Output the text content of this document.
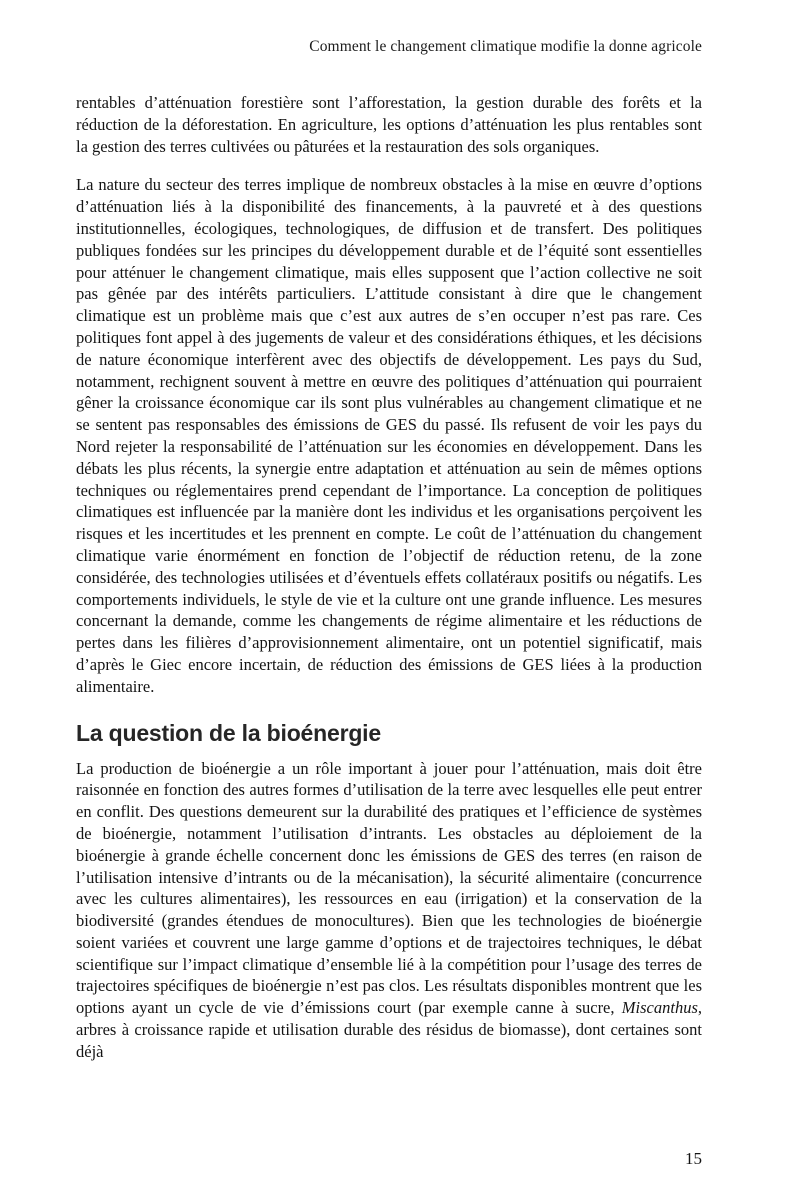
Comment le changement climatique modifie la donne agricole

rentables d’atténuation forestière sont l’afforestation, la gestion durable des forêts et la réduction de la déforestation. En agriculture, les options d’atténuation les plus rentables sont la gestion des terres cultivées ou pâturées et la restauration des sols organiques.

La nature du secteur des terres implique de nombreux obstacles à la mise en œuvre d’options d’atténuation liés à la disponibilité des financements, à la pauvreté et à des questions institutionnelles, écologiques, technologiques, de diffusion et de transfert. Des politiques publiques fondées sur les principes du développement durable et de l’équité sont essentielles pour atténuer le changement climatique, mais elles supposent que l’action collective ne soit pas gênée par des intérêts particuliers. L’attitude consistant à dire que le changement climatique est un problème mais que c’est aux autres de s’en occuper n’est pas rare. Ces politiques font appel à des jugements de valeur et des considérations éthiques, et les décisions de nature économique interfèrent avec des objectifs de développement. Les pays du Sud, notamment, rechignent souvent à mettre en œuvre des politiques d’atténuation qui pourraient gêner la croissance économique car ils sont plus vulnérables au changement climatique et ne se sentent pas responsables des émissions de GES du passé. Ils refusent de voir les pays du Nord rejeter la responsabilité de l’atténuation sur les économies en développement. Dans les débats les plus récents, la synergie entre adaptation et atténuation au sein de mêmes options techniques ou réglementaires prend cependant de l’importance. La conception de politiques climatiques est influencée par la manière dont les individus et les organisations perçoivent les risques et les incertitudes et les prennent en compte. Le coût de l’atténuation du changement climatique varie énormément en fonction de l’objectif de réduction retenu, de la zone considérée, des technologies utilisées et d’éventuels effets collatéraux positifs ou négatifs. Les comportements individuels, le style de vie et la culture ont une grande influence. Les mesures concernant la demande, comme les changements de régime alimentaire et les réductions de pertes dans les filières d’approvisionnement alimentaire, ont un potentiel significatif, mais d’après le Giec encore incertain, de réduction des émissions de GES liées à la production alimentaire.

La question de la bioénergie

La production de bioénergie a un rôle important à jouer pour l’atténuation, mais doit être raisonnée en fonction des autres formes d’utilisation de la terre avec lesquelles elle peut entrer en conflit. Des questions demeurent sur la durabilité des pratiques et l’efficience de systèmes de bioénergie, notamment l’utilisation d’intrants. Les obstacles au déploiement de la bioénergie à grande échelle concernent donc les émissions de GES des terres (en raison de l’utilisation intensive d’intrants ou de la mécanisation), la sécurité alimentaire (concurrence avec les cultures alimentaires), les ressources en eau (irrigation) et la conservation de la biodiversité (grandes étendues de monocultures). Bien que les technologies de bioénergie soient variées et couvrent une large gamme d’options et de trajectoires techniques, le débat scientifique sur l’impact climatique d’ensemble lié à la compétition pour l’usage des terres de trajectoires spécifiques de bioénergie n’est pas clos. Les résultats disponibles montrent que les options ayant un cycle de vie d’émissions court (par exemple canne à sucre, Miscanthus, arbres à croissance rapide et utilisation durable des résidus de biomasse), dont certaines sont déjà

15
